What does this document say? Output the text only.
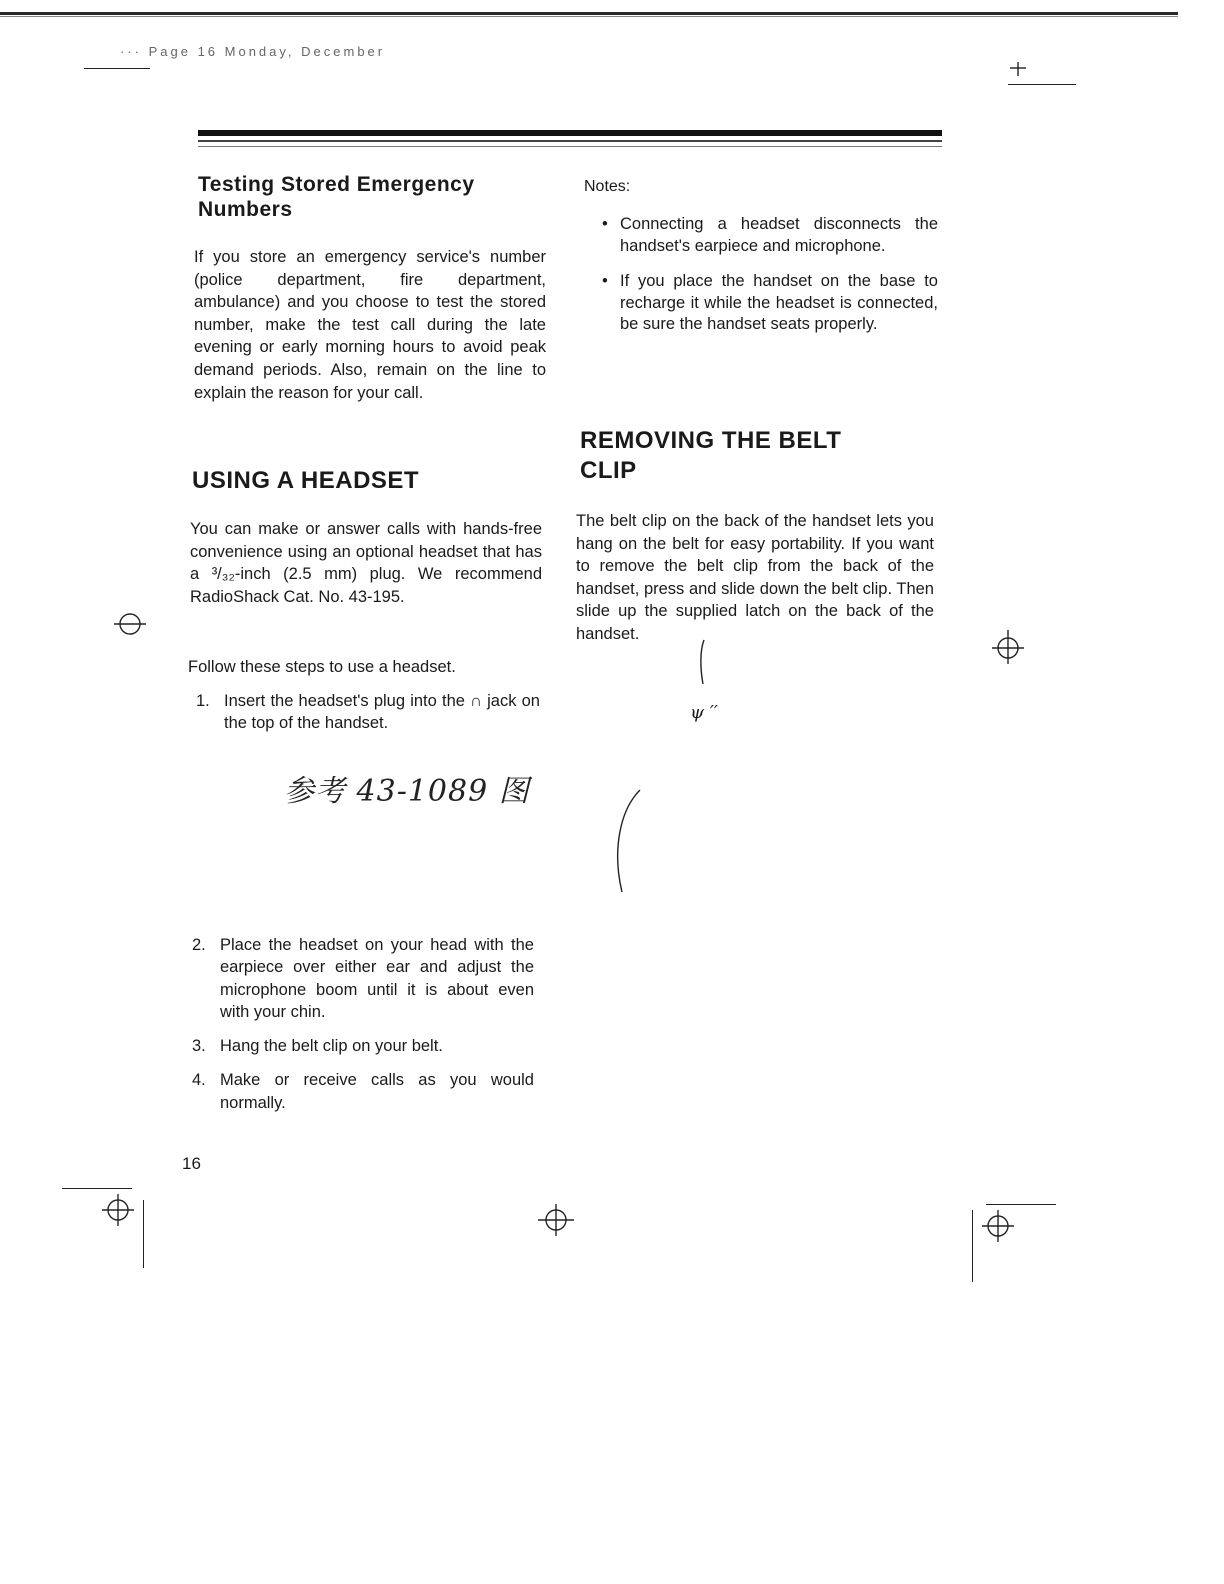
··· Page 16 Monday, December
Testing Stored Emergency Numbers

If you store an emergency service's number (police department, fire department, ambulance) and you choose to test the stored number, make the test call during the late evening or early morning hours to avoid peak demand periods. Also, remain on the line to explain the reason for your call.

USING A HEADSET

You can make or answer calls with hands-free convenience using an optional headset that has a ³/₃₂-inch (2.5 mm) plug. We recommend RadioShack Cat. No. 43-195.

Follow these steps to use a headset.

1. Insert the headset's plug into the ∩ jack on the top of the handset.
参考 43-1089 图
2. Place the headset on your head with the earpiece over either ear and adjust the microphone boom until it is about even with your chin.
3. Hang the belt clip on your belt.
4. Make or receive calls as you would normally.
16
Notes:
• Connecting a headset disconnects the handset's earpiece and microphone.
• If you place the handset on the base to recharge it while the headset is connected, be sure the handset seats properly.
REMOVING THE BELT CLIP

The belt clip on the back of the handset lets you hang on the belt for easy portability. If you want to remove the belt clip from the back of the handset, press and slide down the belt clip. Then slide up the supplied latch on the back of the handset.

ψ ′′
